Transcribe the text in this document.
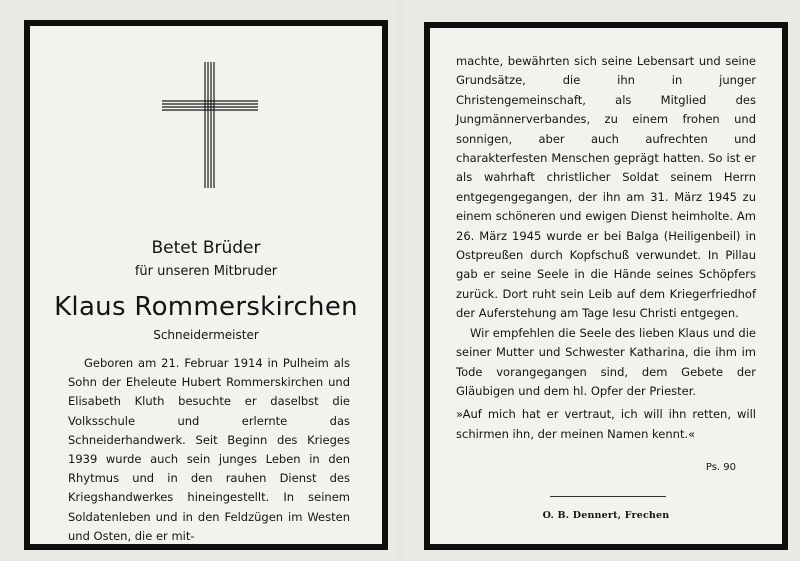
Betet Brüder
für unseren Mitbruder
Klaus Rommerskirchen
Schneidermeister
Geboren am 21. Februar 1914 in Pulheim als Sohn der Eheleute Hubert Rommerskirchen und Elisabeth Kluth besuchte er daselbst die Volksschule und erlernte das Schneiderhandwerk. Seit Beginn des Krieges 1939 wurde auch sein junges Leben in den Rhytmus und in den rauhen Dienst des Kriegshandwerkes hineingestellt. In seinem Soldatenleben und in den Feldzügen im Westen und Osten, die er mit-

machte, bewährten sich seine Lebensart und seine Grundsätze, die ihn in junger Christengemeinschaft, als Mitglied des Jungmännerverbandes, zu einem frohen und sonnigen, aber auch aufrechten und charakterfesten Menschen geprägt hatten. So ist er als wahrhaft christlicher Soldat seinem Herrn entgegengegangen, der ihn am 31. März 1945 zu einem schöneren und ewigen Dienst heimholte. Am 26. März 1945 wurde er bei Balga (Heiligenbeil) in Ostpreußen durch Kopfschuß verwundet. In Pillau gab er seine Seele in die Hände seines Schöpfers zurück. Dort ruht sein Leib auf dem Kriegerfriedhof der Auferstehung am Tage Iesu Christi entgegen.

Wir empfehlen die Seele des lieben Klaus und die seiner Mutter und Schwester Katharina, die ihm im Tode vorangegangen sind, dem Gebete der Gläubigen und dem hl. Opfer der Priester.

»Auf mich hat er vertraut, ich will ihn retten, will schirmen ihn, der meinen Namen kennt.«

Ps. 90
O. B. Dennert, Frechen
